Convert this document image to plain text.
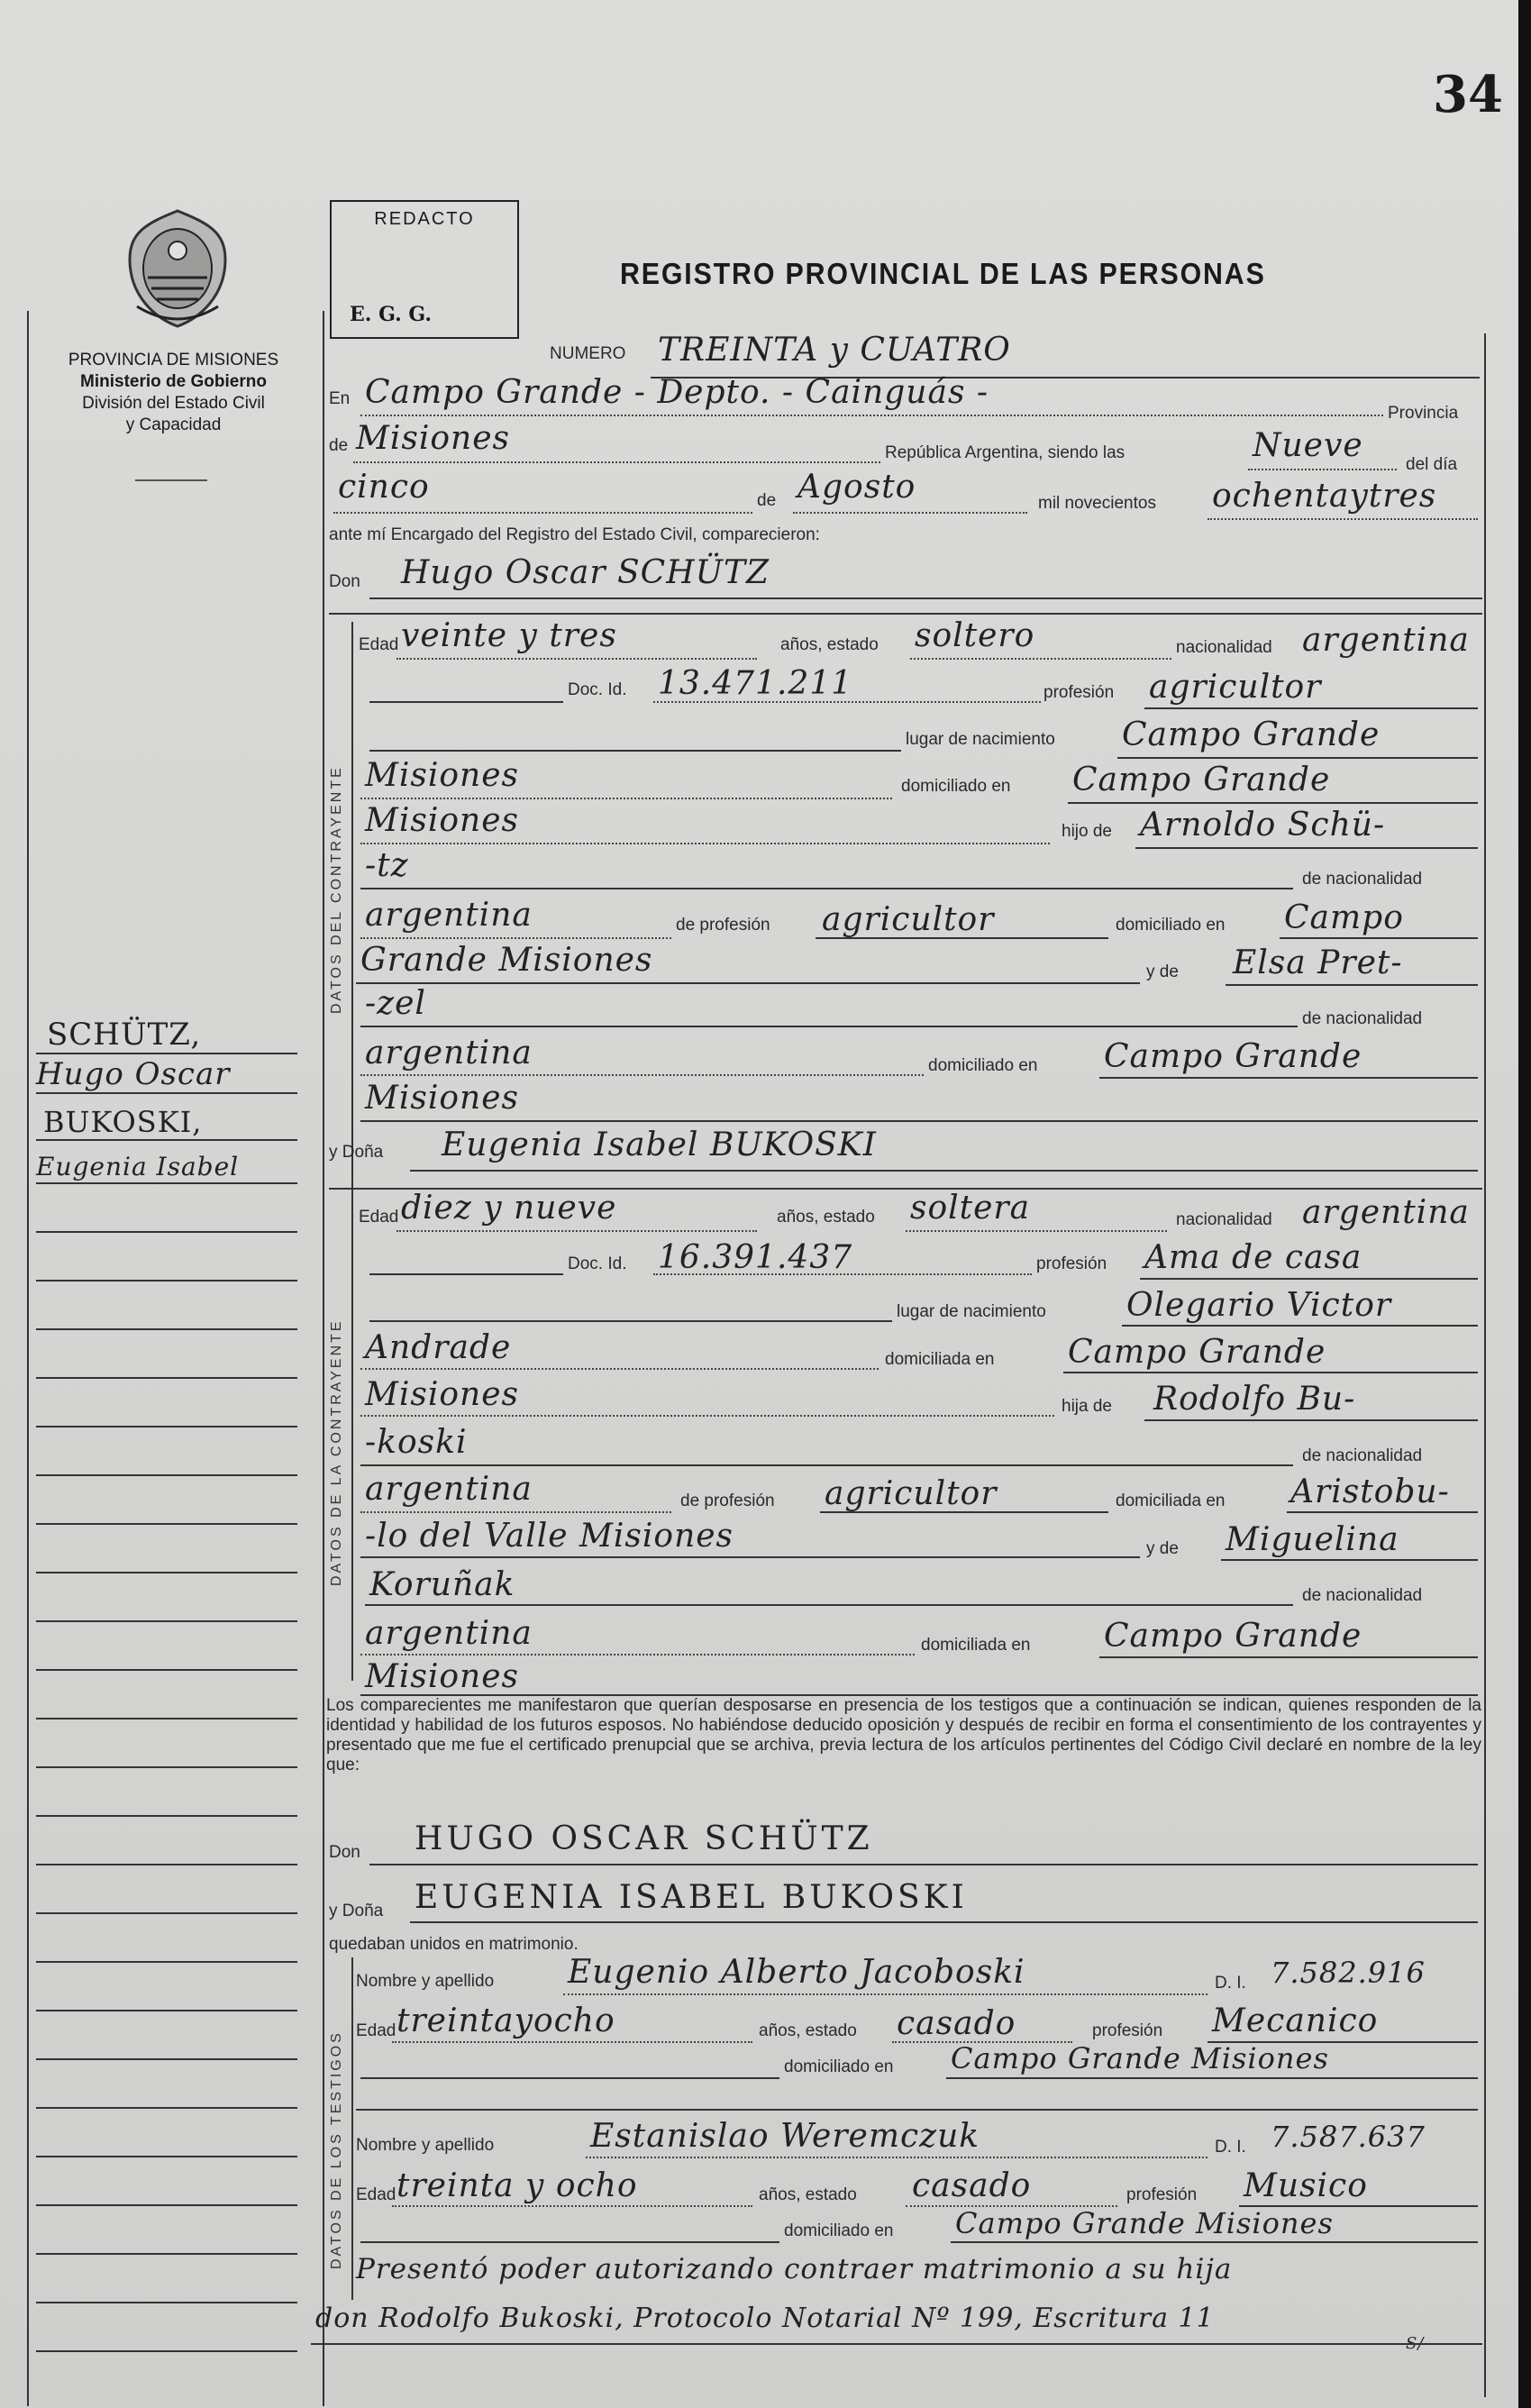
34
PROVINCIA DE MISIONES
Ministerio de Gobierno
División del Estado Civil
y Capacidad
REDACTO
E. G. G.
REGISTRO PROVINCIAL DE LAS PERSONAS
NUMERO TREINTA y CUATRO
En Campo Grande - Depto. - Cainguás -
Provincia
de Misiones	República Argentina, siendo las	Nueve
del día
cinco	de Agosto	mil novecientos ochentaytres
ante mí Encargado del Registro del Estado Civil, comparecieron:
Don Hugo Oscar SCHÜTZ
DATOS DEL CONTRAYENTE
Edad veinte y tres	años, estado soltero	nacionalidad argentina
Doc. Id. 13.471.211	profesión agricultor
lugar de nacimiento Campo Grande
Misiones	domiciliado en Campo Grande
Misiones	hijo de Arnoldo Schü-
-tz	de nacionalidad
argentina	de profesión agricultor	domiciliado en Campo
Grande Misiones	y de Elsa Pret-
-zel	de nacionalidad
argentina	domiciliado en Campo Grande
Misiones
y Doña Eugenia Isabel BUKOSKI
DATOS DE LA CONTRAYENTE
Edad diez y nueve	años, estado soltera	nacionalidad argentina
Doc. Id. 16.391.437	profesión Ama de casa
lugar de nacimiento Olegario Victor
Andrade	domiciliada en Campo Grande
Misiones	hija de Rodolfo Bu-
-koski	de nacionalidad
argentina	de profesión agricultor	domiciliada en Aristobu-
-lo del Valle Misiones	y de Miguelina
Koruñak	de nacionalidad
argentina	domiciliada en Campo Grande
Misiones
Los comparecientes me manifestaron que querían desposarse en presencia de los testigos que a continuación se indican, quienes responden de la identidad y habilidad de los futuros esposos. No habiéndose deducido oposición y después de recibir en forma el consentimiento de los contrayentes y presentado que me fue el certificado prenupcial que se archiva, previa lectura de los artículos pertinentes del Código Civil declaré en nombre de la ley que:
Don HUGO OSCAR SCHÜTZ
y Doña EUGENIA ISABEL BUKOSKI
quedaban unidos en matrimonio.
DATOS DE LOS TESTIGOS
Nombre y apellido Eugenio Alberto Jacoboski	D. I. 7.582.916
Edad treintayocho	años, estado casado	profesión Mecanico
domiciliado en Campo Grande Misiones
Nombre y apellido	Estanislao Weremczuk	D. I. 7.587.637
Edad treinta y ocho	años, estado casado	profesión Musico
domiciliado en Campo Grande Misiones
Presentó poder autorizando contraer matrimonio a su hija
don Rodolfo Bukoski, Protocolo Notarial Nº 199, Escritura 11
S/
SCHÜTZ,
Hugo Oscar
BUKOSKI,
Eugenia Isabel
